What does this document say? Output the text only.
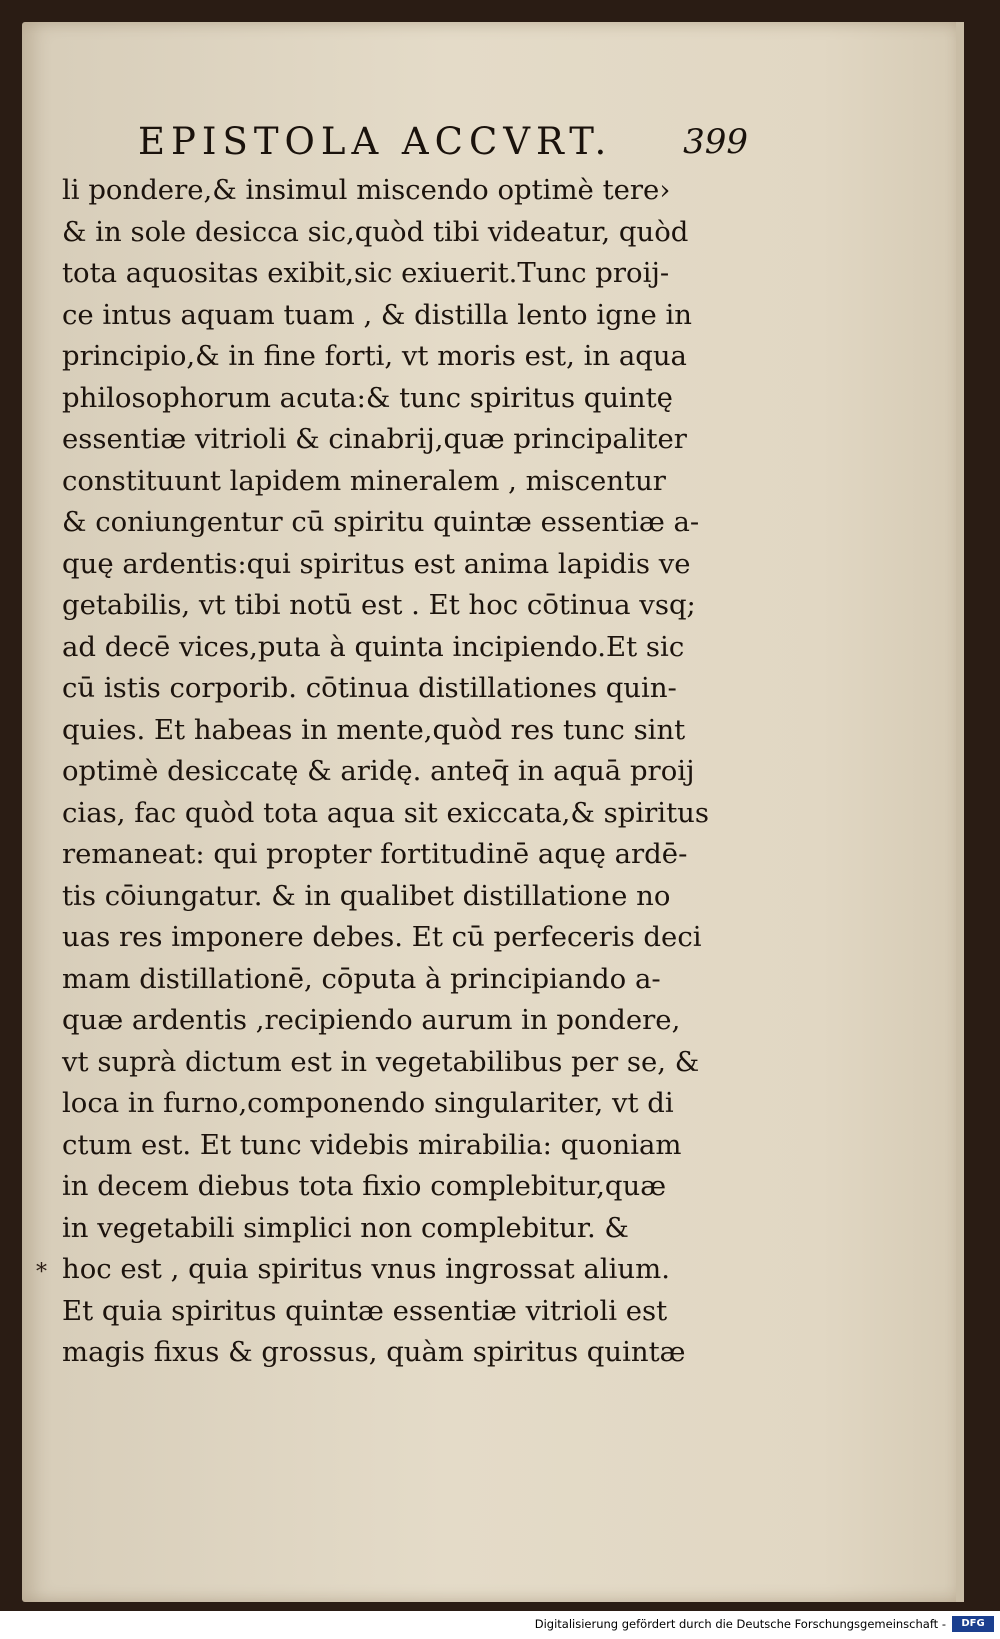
EPISTOLA ACCVRT. 399
*
li pondere,& insimul miscendo optimè tere›
& in sole desicca sic,quòd tibi videatur, quòd
tota aquositas exibit,sic exiuerit.Tunc proij-
ce intus aquam tuam , & distilla lento igne in
principio,& in fine forti, vt moris est, in aqua
philosophorum acuta:& tunc spiritus quintę
essentiæ vitrioli & cinabrij,quæ principaliter
constituunt lapidem mineralem , miscentur
& coniungentur cū spiritu quintæ essentiæ a-
quę ardentis:qui spiritus est anima lapidis ve
getabilis, vt tibi notū est . Et hoc cōtinua vsq;
ad decē vices,puta à quinta incipiendo.Et sic
cū istis corporib. cōtinua distillationes quin-
quies. Et habeas in mente,quòd res tunc sint
optimè desiccatę & aridę. anteq̄ in aquā proij
cias, fac quòd tota aqua sit exiccata,& spiritus
remaneat: qui propter fortitudinē aquę ardē-
tis cōiungatur. & in qualibet distillatione no
uas res imponere debes. Et cū perfeceris deci
mam distillationē, cōputa à principiando a-
quæ ardentis ,recipiendo aurum in pondere,
vt suprà dictum est in vegetabilibus per se, &
loca in furno,componendo singulariter, vt di
ctum est. Et tunc videbis mirabilia: quoniam
in decem diebus tota fixio complebitur,quæ
in vegetabili simplici non complebitur. &
hoc est , quia spiritus vnus ingrossat alium.
Et quia spiritus quintæ essentiæ vitrioli est
magis fixus & grossus, quàm spiritus quintæ
Digitalisierung gefördert durch die Deutsche Forschungsgemeinschaft -	DFG
